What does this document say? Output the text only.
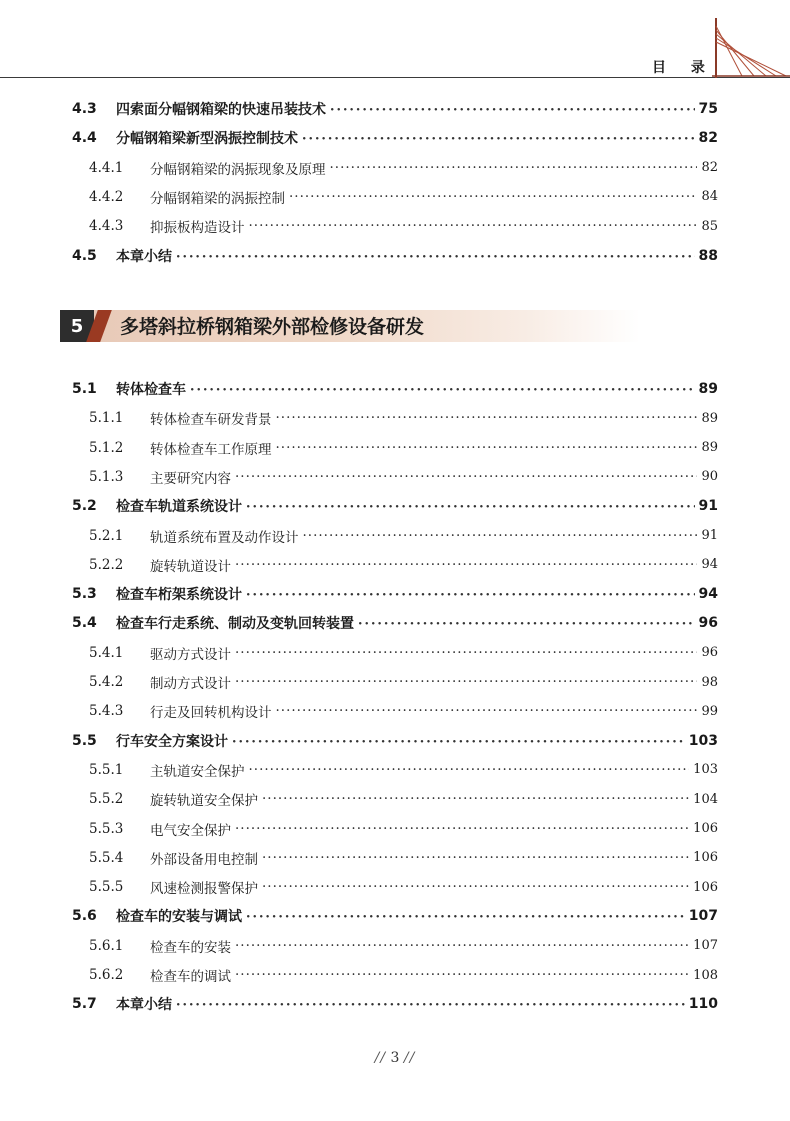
目 录
4.3	四索面分幅钢箱梁的快速吊装技术 •••••	75
4.4	分幅钢箱梁新型涡振控制技术 •••••	82
4.4.1	分幅钢箱梁的涡振现象及原理 ·····	82
4.4.2	分幅钢箱梁的涡振控制 ·····	84
4.4.3	抑振板构造设计 ·····	85
4.5	本章小结 •••••	88
5	多塔斜拉桥钢箱梁外部检修设备研发
5.1	转体检查车 •••••	89
5.1.1	转体检查车研发背景 ·····	89
5.1.2	转体检查车工作原理 ·····	89
5.1.3	主要研究内容 ·····	90
5.2	检查车轨道系统设计 •••••	91
5.2.1	轨道系统布置及动作设计 ·····	91
5.2.2	旋转轨道设计 ·····	94
5.3	检查车桁架系统设计 •••••	94
5.4	检查车行走系统、制动及变轨回转装置 •••••	96
5.4.1	驱动方式设计 ·····	96
5.4.2	制动方式设计 ·····	98
5.4.3	行走及回转机构设计 ·····	99
5.5	行车安全方案设计 •••••	103
5.5.1	主轨道安全保护 ·····	103
5.5.2	旋转轨道安全保护 ·····	104
5.5.3	电气安全保护 ·····	106
5.5.4	外部设备用电控制 ·····	106
5.5.5	风速检测报警保护 ·····	106
5.6	检查车的安装与调试 •••••	107
5.6.1	检查车的安装 ·····	107
5.6.2	检查车的调试 ·····	108
5.7	本章小结 •••••	110
// 3 //
